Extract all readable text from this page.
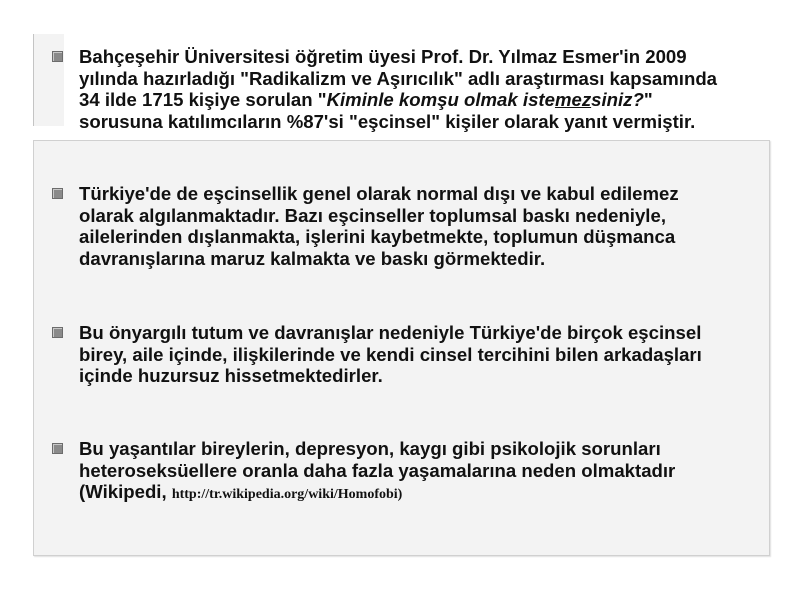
Bahçeşehir Üniversitesi öğretim üyesi Prof. Dr. Yılmaz Esmer'in 2009 yılında hazırladığı "Radikalizm ve Aşırıcılık" adlı araştırması kapsamında 34 ilde 1715 kişiye sorulan "Kiminle komşu olmak istemezsiniz?" sorusuna katılımcıların %87'si "eşcinsel" kişiler olarak yanıt vermiştir.
Türkiye'de de eşcinsellik genel olarak normal dışı ve kabul edilemez olarak algılanmaktadır. Bazı eşcinseller toplumsal baskı nedeniyle, ailelerinden dışlanmakta, işlerini kaybetmekte, toplumun düşmanca davranışlarına maruz kalmakta ve baskı görmektedir.
Bu önyargılı tutum ve davranışlar nedeniyle Türkiye'de birçok eşcinsel birey, aile içinde, ilişkilerinde ve kendi cinsel tercihini bilen arkadaşları içinde huzursuz hissetmektedirler.
Bu yaşantılar bireylerin, depresyon, kaygı gibi psikolojik sorunları heteroseksüellere oranla daha fazla yaşamalarına neden olmaktadır (Wikipedi, http://tr.wikipedia.org/wiki/Homofobi)
